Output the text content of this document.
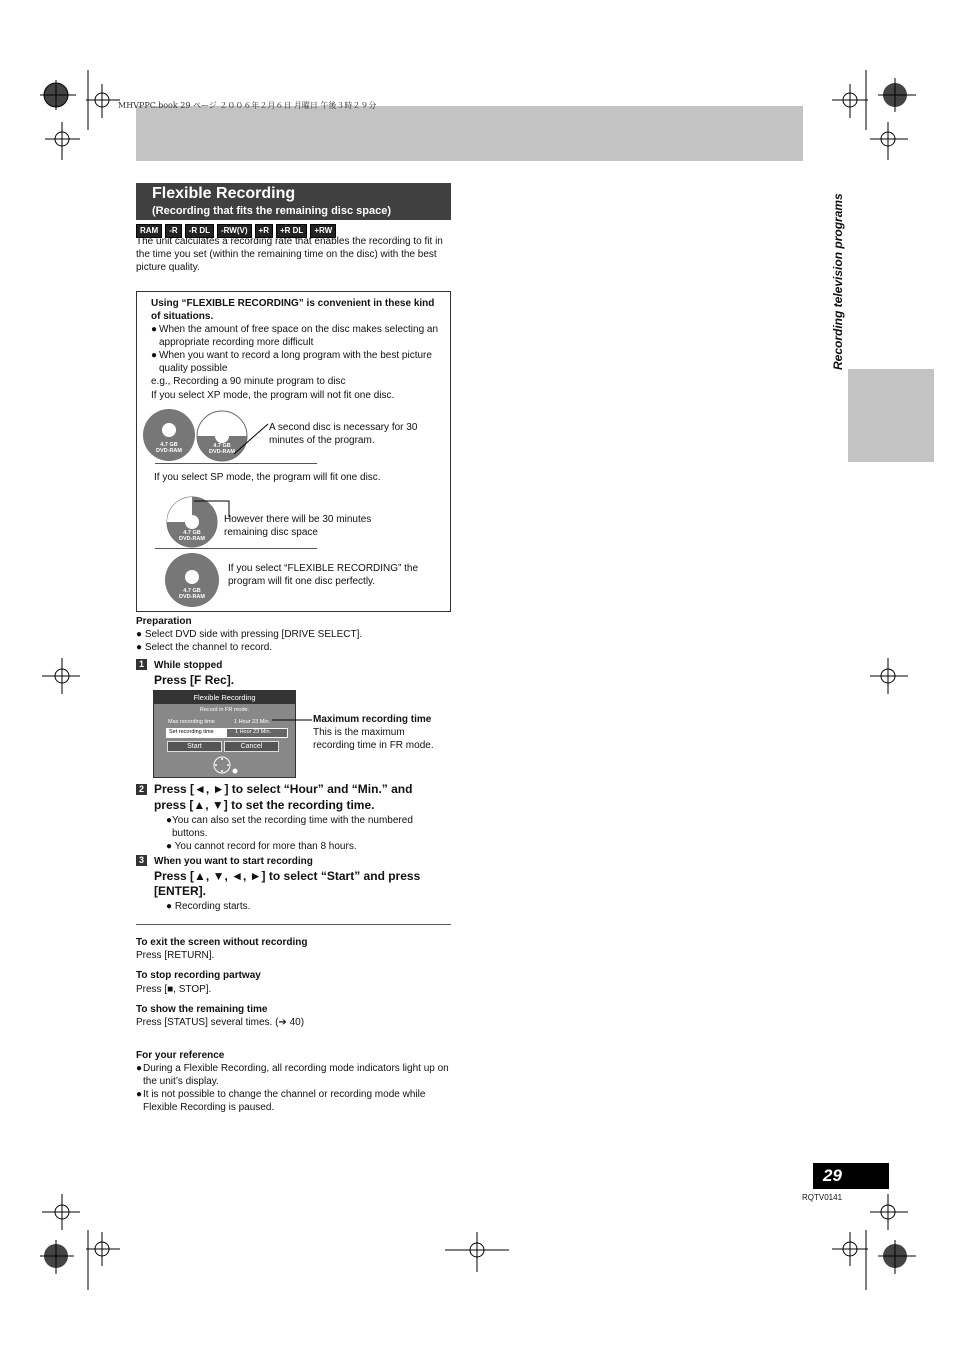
MHVPPC.book 29 ページ ２００６年２月６日 月曜日 午後３時２９分
Recording television programs
Flexible Recording
(Recording that fits the remaining disc space)
RAM	-R	-R DL	-RW(V)	+R	+R DL	+RW
The unit calculates a recording rate that enables the recording to fit in the time you set (within the remaining time on the disc) with the best picture quality.
Using “FLEXIBLE RECORDING” is convenient in these kind of situations.
● When the amount of free space on the disc makes selecting an appropriate recording more difficult
● When you want to record a long program with the best picture quality possible
e.g., Recording a 90 minute program to disc
If you select XP mode, the program will not fit one disc.
4.7 GB
DVD-RAM
4.7 GB
DVD-RAM
A second disc is necessary for 30 minutes of the program.
If you select SP mode, the program will fit one disc.
4.7 GB
DVD-RAM
However there will be 30 minutes remaining disc space
4.7 GB
DVD-RAM
If you select “FLEXIBLE RECORDING” the program will fit one disc perfectly.
Preparation
● Select DVD side with pressing [DRIVE SELECT].
● Select the channel to record.
1	While stopped
Press [F Rec].
Flexible Recording
Record in FR mode.
Max recording time	1 Hour 23 Min.
Set recording time	1 Hour 23 Min.
Start	Cancel
Maximum recording time
This is the maximum recording time in FR mode.
2 Press [◄, ►] to select “Hour” and “Min.” and
press [▲, ▼] to set the recording time.
● You can also set the recording time with the numbered buttons.
● You cannot record for more than 8 hours.
3	When you want to start recording
Press [▲, ▼, ◄, ►] to select “Start” and press
[ENTER].
● Recording starts.
To exit the screen without recording
Press [RETURN].
To stop recording partway
Press [■, STOP].
To show the remaining time
Press [STATUS] several times. (➔ 40)
For your reference
● During a Flexible Recording, all recording mode indicators light up on the unit’s display.
● It is not possible to change the channel or recording mode while Flexible Recording is paused.
29
RQTV0141
